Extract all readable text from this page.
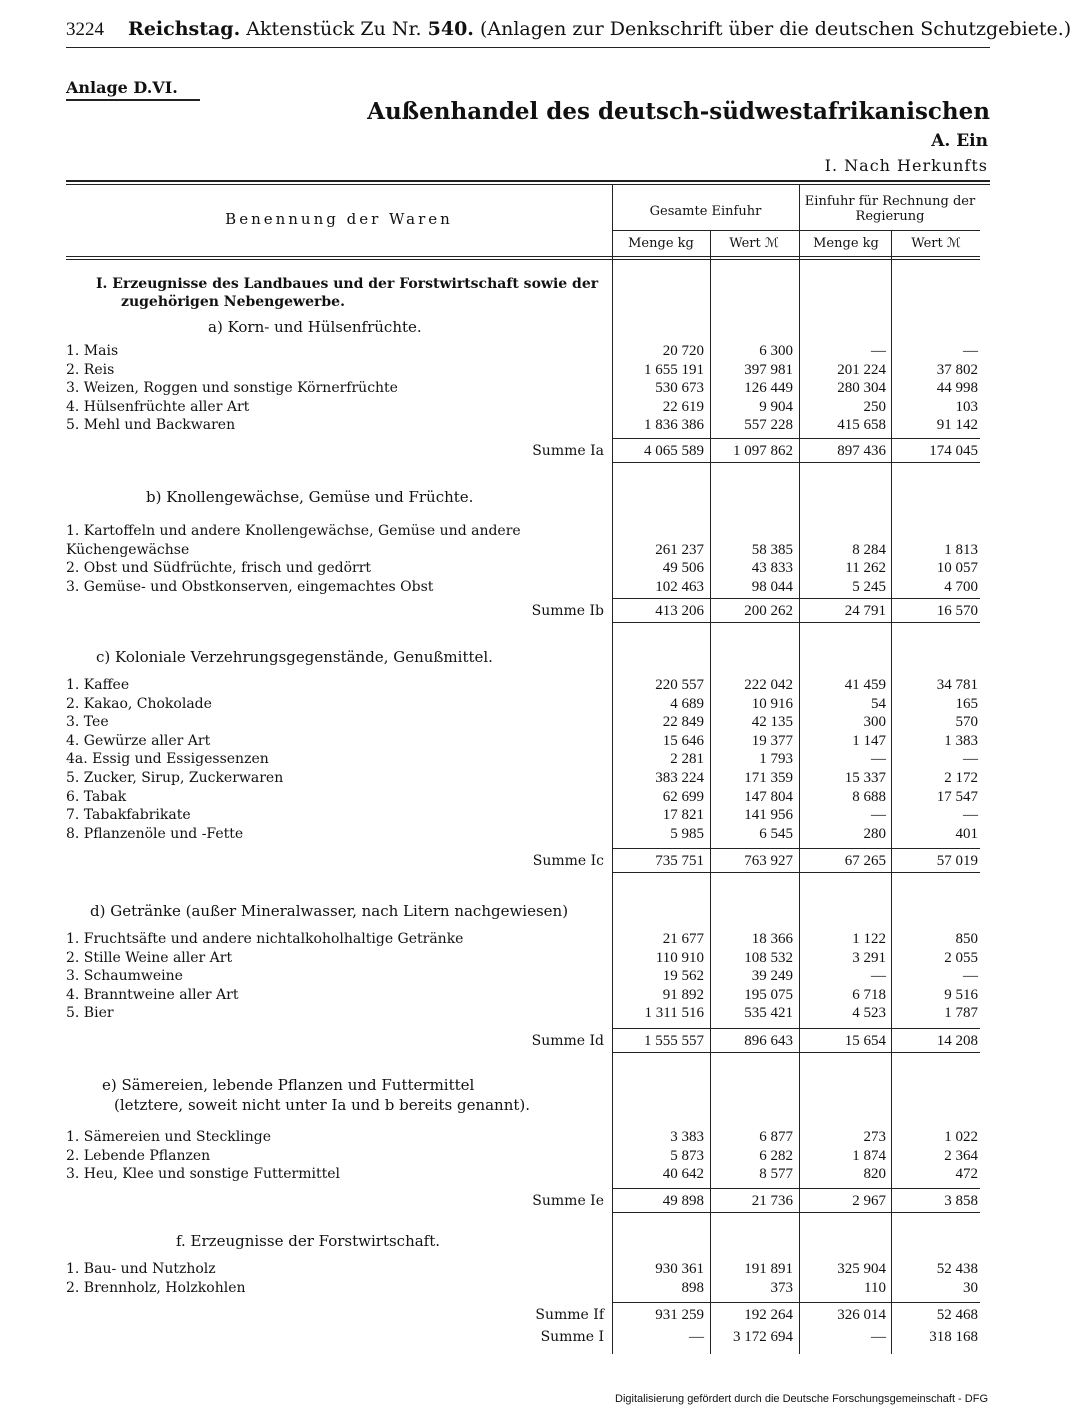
3224 Reichstag. Aktenstück Zu Nr. 540. (Anlagen zur Denkschrift über die deutschen Schutzgebiete.)
Anlage D.VI.
Außenhandel des deutsch-südwestafrikanischen
A. Ein
I. Nach Herkunfts
Benennung der Waren	Gesamte Einfuhr
Einfuhr für Rechnung der Regierung
Menge kg	Wert ℳ	Menge kg	Wert ℳ
I. Erzeugnisse des Landbaues und der Forstwirtschaft sowie der
zugehörigen Nebengewerbe.
a) Korn- und Hülsenfrüchte.
1. Mais	20 720	6 300	—	—
2. Reis	1 655 191	397 981	201 224	37 802
3. Weizen, Roggen und sonstige Körnerfrüchte	530 673	126 449	280 304	44 998
4. Hülsenfrüchte aller Art	22 619	9 904	250	103
5. Mehl und Backwaren	1 836 386	557 228	415 658	91 142
Summe Ia	4 065 589	1 097 862	897 436	174 045
1. Kartoffeln und andere Knollengewächse, Gemüse und andere
Küchengewächse	261 237	58 385	8 284	1 813
2. Obst und Südfrüchte, frisch und gedörrt	49 506	43 833	11 262	10 057
3. Gemüse- und Obstkonserven, eingemachtes Obst	102 463	98 044	5 245	4 700
Summe Ib	413 206	200 262	24 791	16 570
1. Kaffee	220 557	222 042	41 459	34 781
2. Kakao, Chokolade	4 689	10 916	54	165
3. Tee	22 849	42 135	300	570
4. Gewürze aller Art	15 646	19 377	1 147	1 383
4a. Essig und Essigessenzen	2 281	1 793	—	—
5. Zucker, Sirup, Zuckerwaren	383 224	171 359	15 337	2 172
6. Tabak	62 699	147 804	8 688	17 547
7. Tabakfabrikate	17 821	141 956	—	—
8. Pflanzenöle und -Fette	5 985	6 545	280	401
Summe Ic	735 751	763 927	67 265	57 019
1. Fruchtsäfte und andere nichtalkoholhaltige Getränke	21 677	18 366	1 122	850
2. Stille Weine aller Art	110 910	108 532	3 291	2 055
3. Schaumweine	19 562	39 249	—	—
4. Branntweine aller Art	91 892	195 075	6 718	9 516
5. Bier	1 311 516	535 421	4 523	1 787
Summe Id	1 555 557	896 643	15 654	14 208
1. Sämereien und Stecklinge	3 383	6 877	273	1 022
2. Lebende Pflanzen	5 873	6 282	1 874	2 364
3. Heu, Klee und sonstige Futtermittel	40 642	8 577	820	472
Summe Ie	49 898	21 736	2 967	3 858
1. Bau- und Nutzholz	930 361	191 891	325 904	52 438
2. Brennholz, Holzkohlen	898	373	110	30
Summe If	931 259	192 264	326 014	52 468
Summe I	—	3 172 694	—	318 168
b) Knollengewächse, Gemüse und Früchte.
c) Koloniale Verzehrungsgegenstände, Genußmittel.
d) Getränke (außer Mineralwasser, nach Litern nachgewiesen)
e) Sämereien, lebende Pflanzen und Futtermittel
(letztere, soweit nicht unter Ia und b bereits genannt).
f. Erzeugnisse der Forstwirtschaft.
Digitalisierung gefördert durch die Deutsche Forschungsgemeinschaft - DFG
